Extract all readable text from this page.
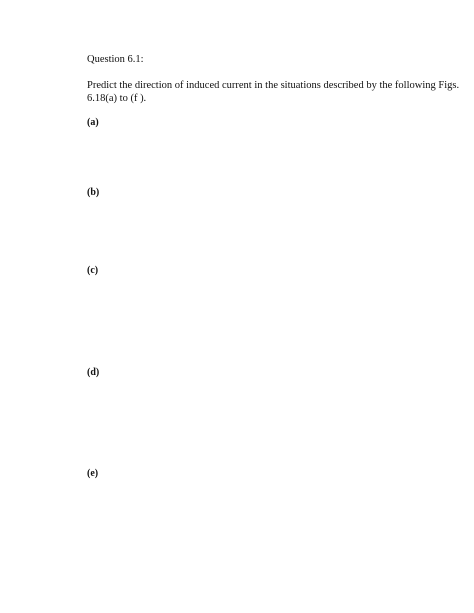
Question 6.1:
Predict the direction of induced current in the situations described by the following Figs.
6.18(a) to (f ).
(a)
r
p	q
S N
(b)
p	q
r
S N
x	y
z
(c)
Common axis
y
x
z
C
(Tapping key just closed)
(d)
Common axis
y
x
z
(Rheostat setting
being changed)
(e)
(Tapping key just released)
x	y
r
